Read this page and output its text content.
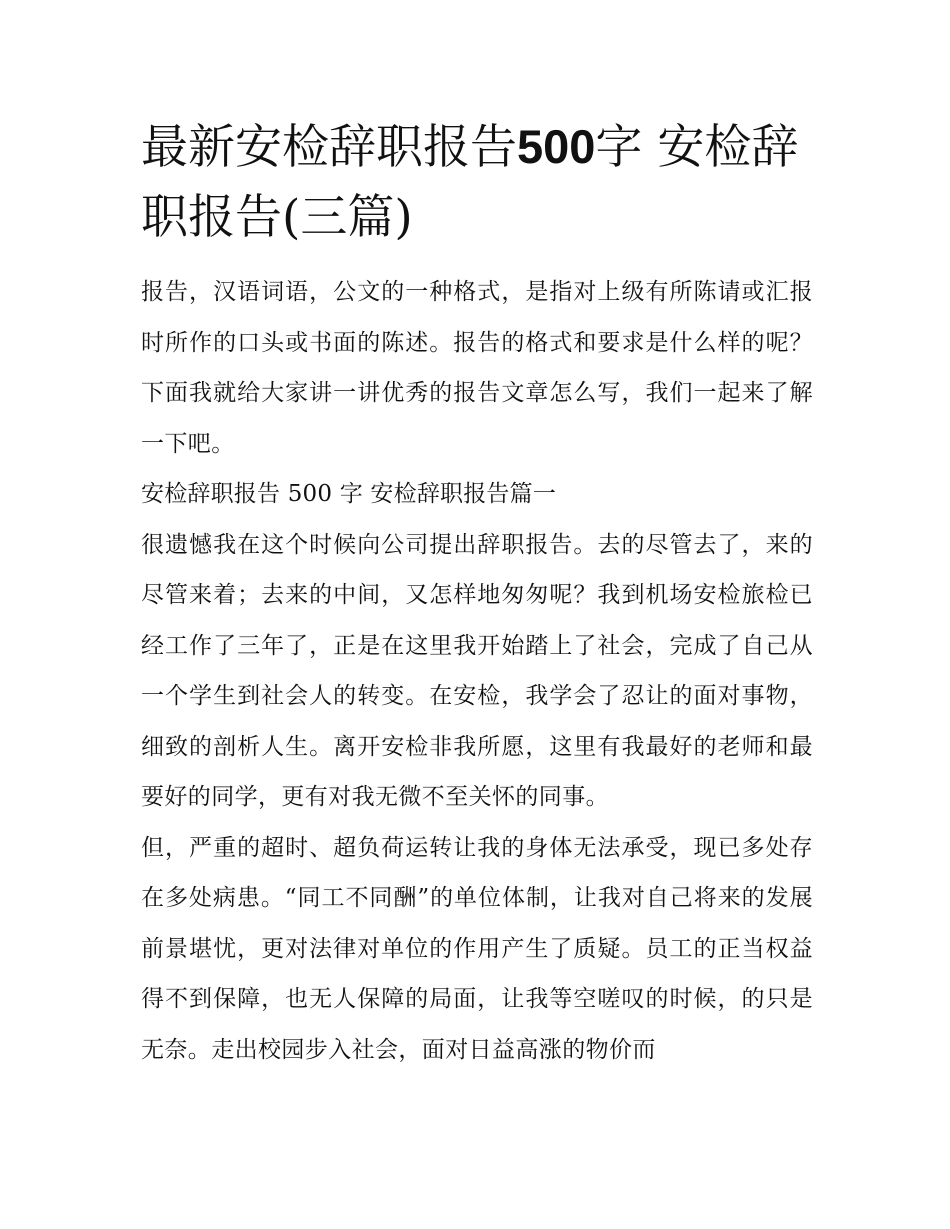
最新安检辞职报告500字 安检辞职报告(三篇)

报告，汉语词语，公文的一种格式，是指对上级有所陈请或汇报时所作的口头或书面的陈述。报告的格式和要求是什么样的呢？下面我就给大家讲一讲优秀的报告文章怎么写，我们一起来了解一下吧。

安检辞职报告 500 字 安检辞职报告篇一

很遗憾我在这个时候向公司提出辞职报告。去的尽管去了，来的尽管来着；去来的中间，又怎样地匆匆呢？我到机场安检旅检已经工作了三年了，正是在这里我开始踏上了社会，完成了自己从一个学生到社会人的转变。在安检，我学会了忍让的面对事物，细致的剖析人生。离开安检非我所愿，这里有我最好的老师和最要好的同学，更有对我无微不至关怀的同事。

但，严重的超时、超负荷运转让我的身体无法承受，现已多处存在多处病患。“同工不同酬”的单位体制，让我对自己将来的发展前景堪忧，更对法律对单位的作用产生了质疑。员工的正当权益得不到保障，也无人保障的局面，让我等空嗟叹的时候，的只是无奈。走出校园步入社会，面对日益高涨的物价而
